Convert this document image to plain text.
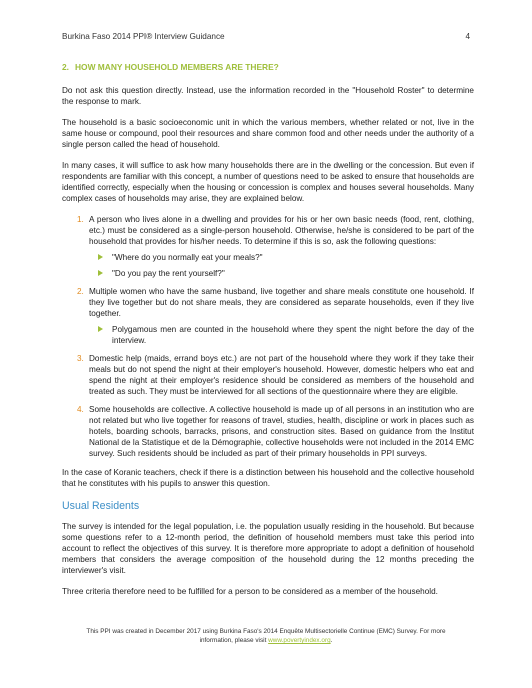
Burkina Faso 2014 PPI® Interview Guidance	4
2. HOW MANY HOUSEHOLD MEMBERS ARE THERE?

Do not ask this question directly. Instead, use the information recorded in the "Household Roster" to determine the response to mark.

The household is a basic socioeconomic unit in which the various members, whether related or not, live in the same house or compound, pool their resources and share common food and other needs under the authority of a single person called the head of household.

In many cases, it will suffice to ask how many households there are in the dwelling or the concession. But even if respondents are familiar with this concept, a number of questions need to be asked to ensure that households are identified correctly, especially when the housing or concession is complex and houses several households. Many complex cases of households may arise, they are explained below.

1. A person who lives alone in a dwelling and provides for his or her own basic needs (food, rent, clothing, etc.) must be considered as a single-person household. Otherwise, he/she is considered to be part of the household that provides for his/her needs. To determine if this is so, ask the following questions:
"Where do you normally eat your meals?"
"Do you pay the rent yourself?"
2. Multiple women who have the same husband, live together and share meals constitute one household. If they live together but do not share meals, they are considered as separate households, even if they live together.
Polygamous men are counted in the household where they spent the night before the day of the interview.
3. Domestic help (maids, errand boys etc.) are not part of the household where they work if they take their meals but do not spend the night at their employer's household. However, domestic helpers who eat and spend the night at their employer's residence should be considered as members of the household and treated as such. They must be interviewed for all sections of the questionnaire where they are eligible.
4. Some households are collective. A collective household is made up of all persons in an institution who are not related but who live together for reasons of travel, studies, health, discipline or work in places such as hotels, boarding schools, barracks, prisons, and construction sites. Based on guidance from the Institut National de la Statistique et de la Démographie, collective households were not included in the 2014 EMC survey. Such residents should be included as part of their primary households in PPI surveys.

In the case of Koranic teachers, check if there is a distinction between his household and the collective household that he constitutes with his pupils to answer this question.

Usual Residents

The survey is intended for the legal population, i.e. the population usually residing in the household. But because some questions refer to a 12-month period, the definition of household members must take this period into account to reflect the objectives of this survey. It is therefore more appropriate to adopt a definition of household members that considers the average composition of the household during the 12 months preceding the interviewer's visit.

Three criteria therefore need to be fulfilled for a person to be considered as a member of the household.

This PPI was created in December 2017 using Burkina Faso's 2014 Enquête Multisectorielle Continue (EMC) Survey. For more
information, please visit www.povertyindex.org.
